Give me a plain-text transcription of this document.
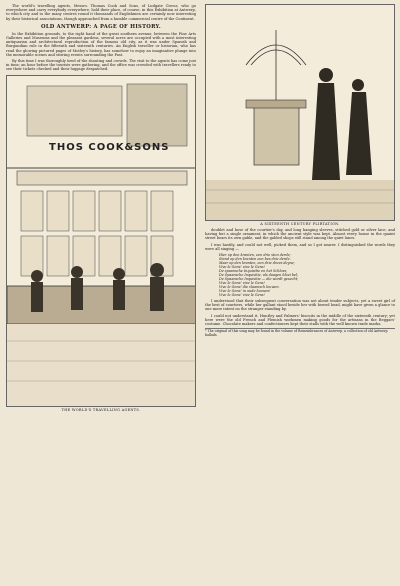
The world's travelling agents, Messrs. Thomas Cook and Sons, of Ludgate Circus, who go everywhere and carry everybody everywhere, hold their place, of course, in this Exhibition at Antwerp, to which city and to the many centres round it thousands of Englishmen are certainly now interesting by their historical associations, though approached from a humble commercial centre of the Continent.

OLD ANTWERP: A PAGE OF HISTORY.

In the Exhibition grounds, to the right hand of the great southern avenue, between the Fine Arts Galleries and Museums and the pleasant gardens, several acres are occupied with a most interesting antiquarian and architectural reproduction of the famous old city, as it was under Spanish and Burgundian rule in the fifteenth and sixteenth centuries. An English traveller or historian, who has read the glowing pictured pages of Motley's history, has somehow to enjoy an imaginative plunge into the memorable scenes and stirring events surrounding the Past.

By this time I was thoroughly tired of the shouting and crowds. The visit to the agents has come just in time; an hour before the tourists were gathering, and the office was crowded with travellers ready to see their tickets checked and their luggage despatched.

THOS COOK&SONS
THE WORLD'S TRAVELLING AGENTS.
A SIXTEENTH CENTURY FLIRTATION.

doublet and hose of the courtier's day, and long hanging sleeves, stitched gold or silver lace, and having but a single ornament, in which the ancient style was kept. Almost every house in the quaint street bears its own gable, and the gabled shops still stand among the quiet lanes.

I was hastily, and could not well, picked them, and so I got nearer. I distinguished the words they were all singing —

Hier op den kranten, een drie ston derde;
Stand op den kranten een bes drie derde.
Maar op den kranten, een drie drees deyne;
Vive le Gens! vive le Gens!
De spaansche Inquisitie en het Schloss;
De Spaansche Inquisitie, als daagen bloei bel;
De Spaansche Inquisitie — die wordt gesecht;
Vive le Gens! vive le Gens!
Vive le Gens! die vlaamsch leuwen.
Vive le Gens! in oude hoonen!
Vive le Gens! vive le Gens!

I understood that their subsequent conversation was not about tender subjects, yet a sweet girl of the best of courtiers, while her gallant stood beside her with bowed head, might have given a glance to one more intent on the stranger standing by.

I could not understand it. Huntley and Palmers' biscuits in the middle of the sixteenth century; yet here were the old French and Flemish workmen making goods for the artisans in the Beggars' costume. Chocolate makers and confectioners kept their stalls with the well known trade marks.

* The original of this song may be found in the volume of Remembrances of Antwerp, a collection of old Antwerp ballads.
